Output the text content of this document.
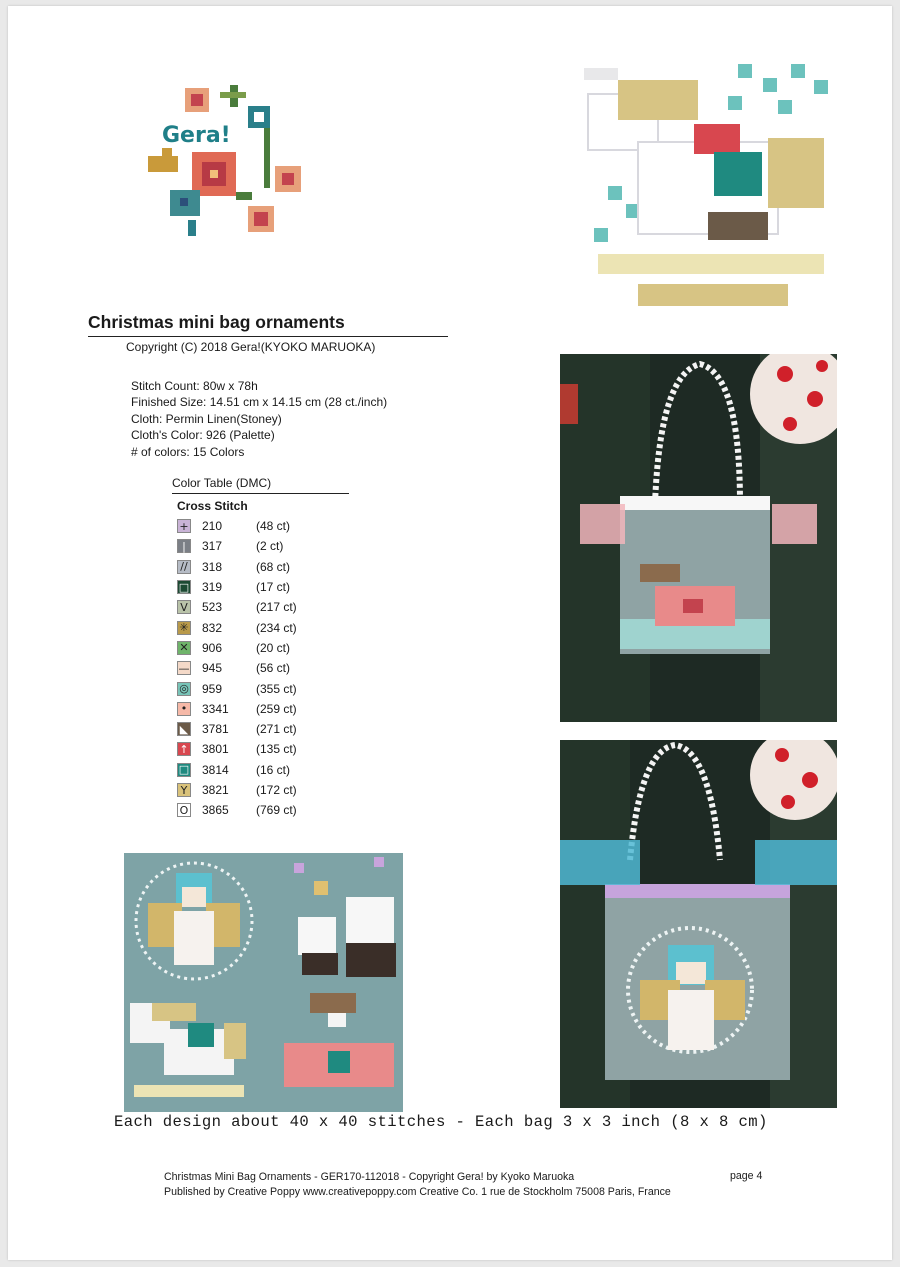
Gera!
Christmas mini bag ornaments
Copyright (C) 2018 Gera!(KYOKO MARUOKA)
Stitch Count: 80w x 78h
Finished Size: 14.51 cm x 14.15 cm (28 ct./inch)
Cloth: Permin Linen(Stoney)
Cloth's Color: 926 (Palette)
# of colors: 15 Colors
Color Table (DMC)
Cross Stitch
+ 210	(48 ct)
|	317	(2 ct)
// 318	(68 ct)
□ 319	(17 ct)
V 523	(217 ct)
✳ 832	(234 ct)
✕ 906	(20 ct)
— 945	(56 ct)
◎ 959	(355 ct)
•	3341	(259 ct)
◣ 3781	(271 ct)
↑ 3801	(135 ct)
□ 3814	(16 ct)
Y	3821	(172 ct)
O 3865	(769 ct)
Each design about 40 x 40 stitches - Each bag 3 x 3 inch (8 x 8 cm)
Christmas Mini Bag Ornaments - GER170-112018 - Copyright Gera! by Kyoko Maruoka
Published by Creative Poppy www.creativepoppy.com Creative Co. 1 rue de Stockholm 75008 Paris, France
page 4
